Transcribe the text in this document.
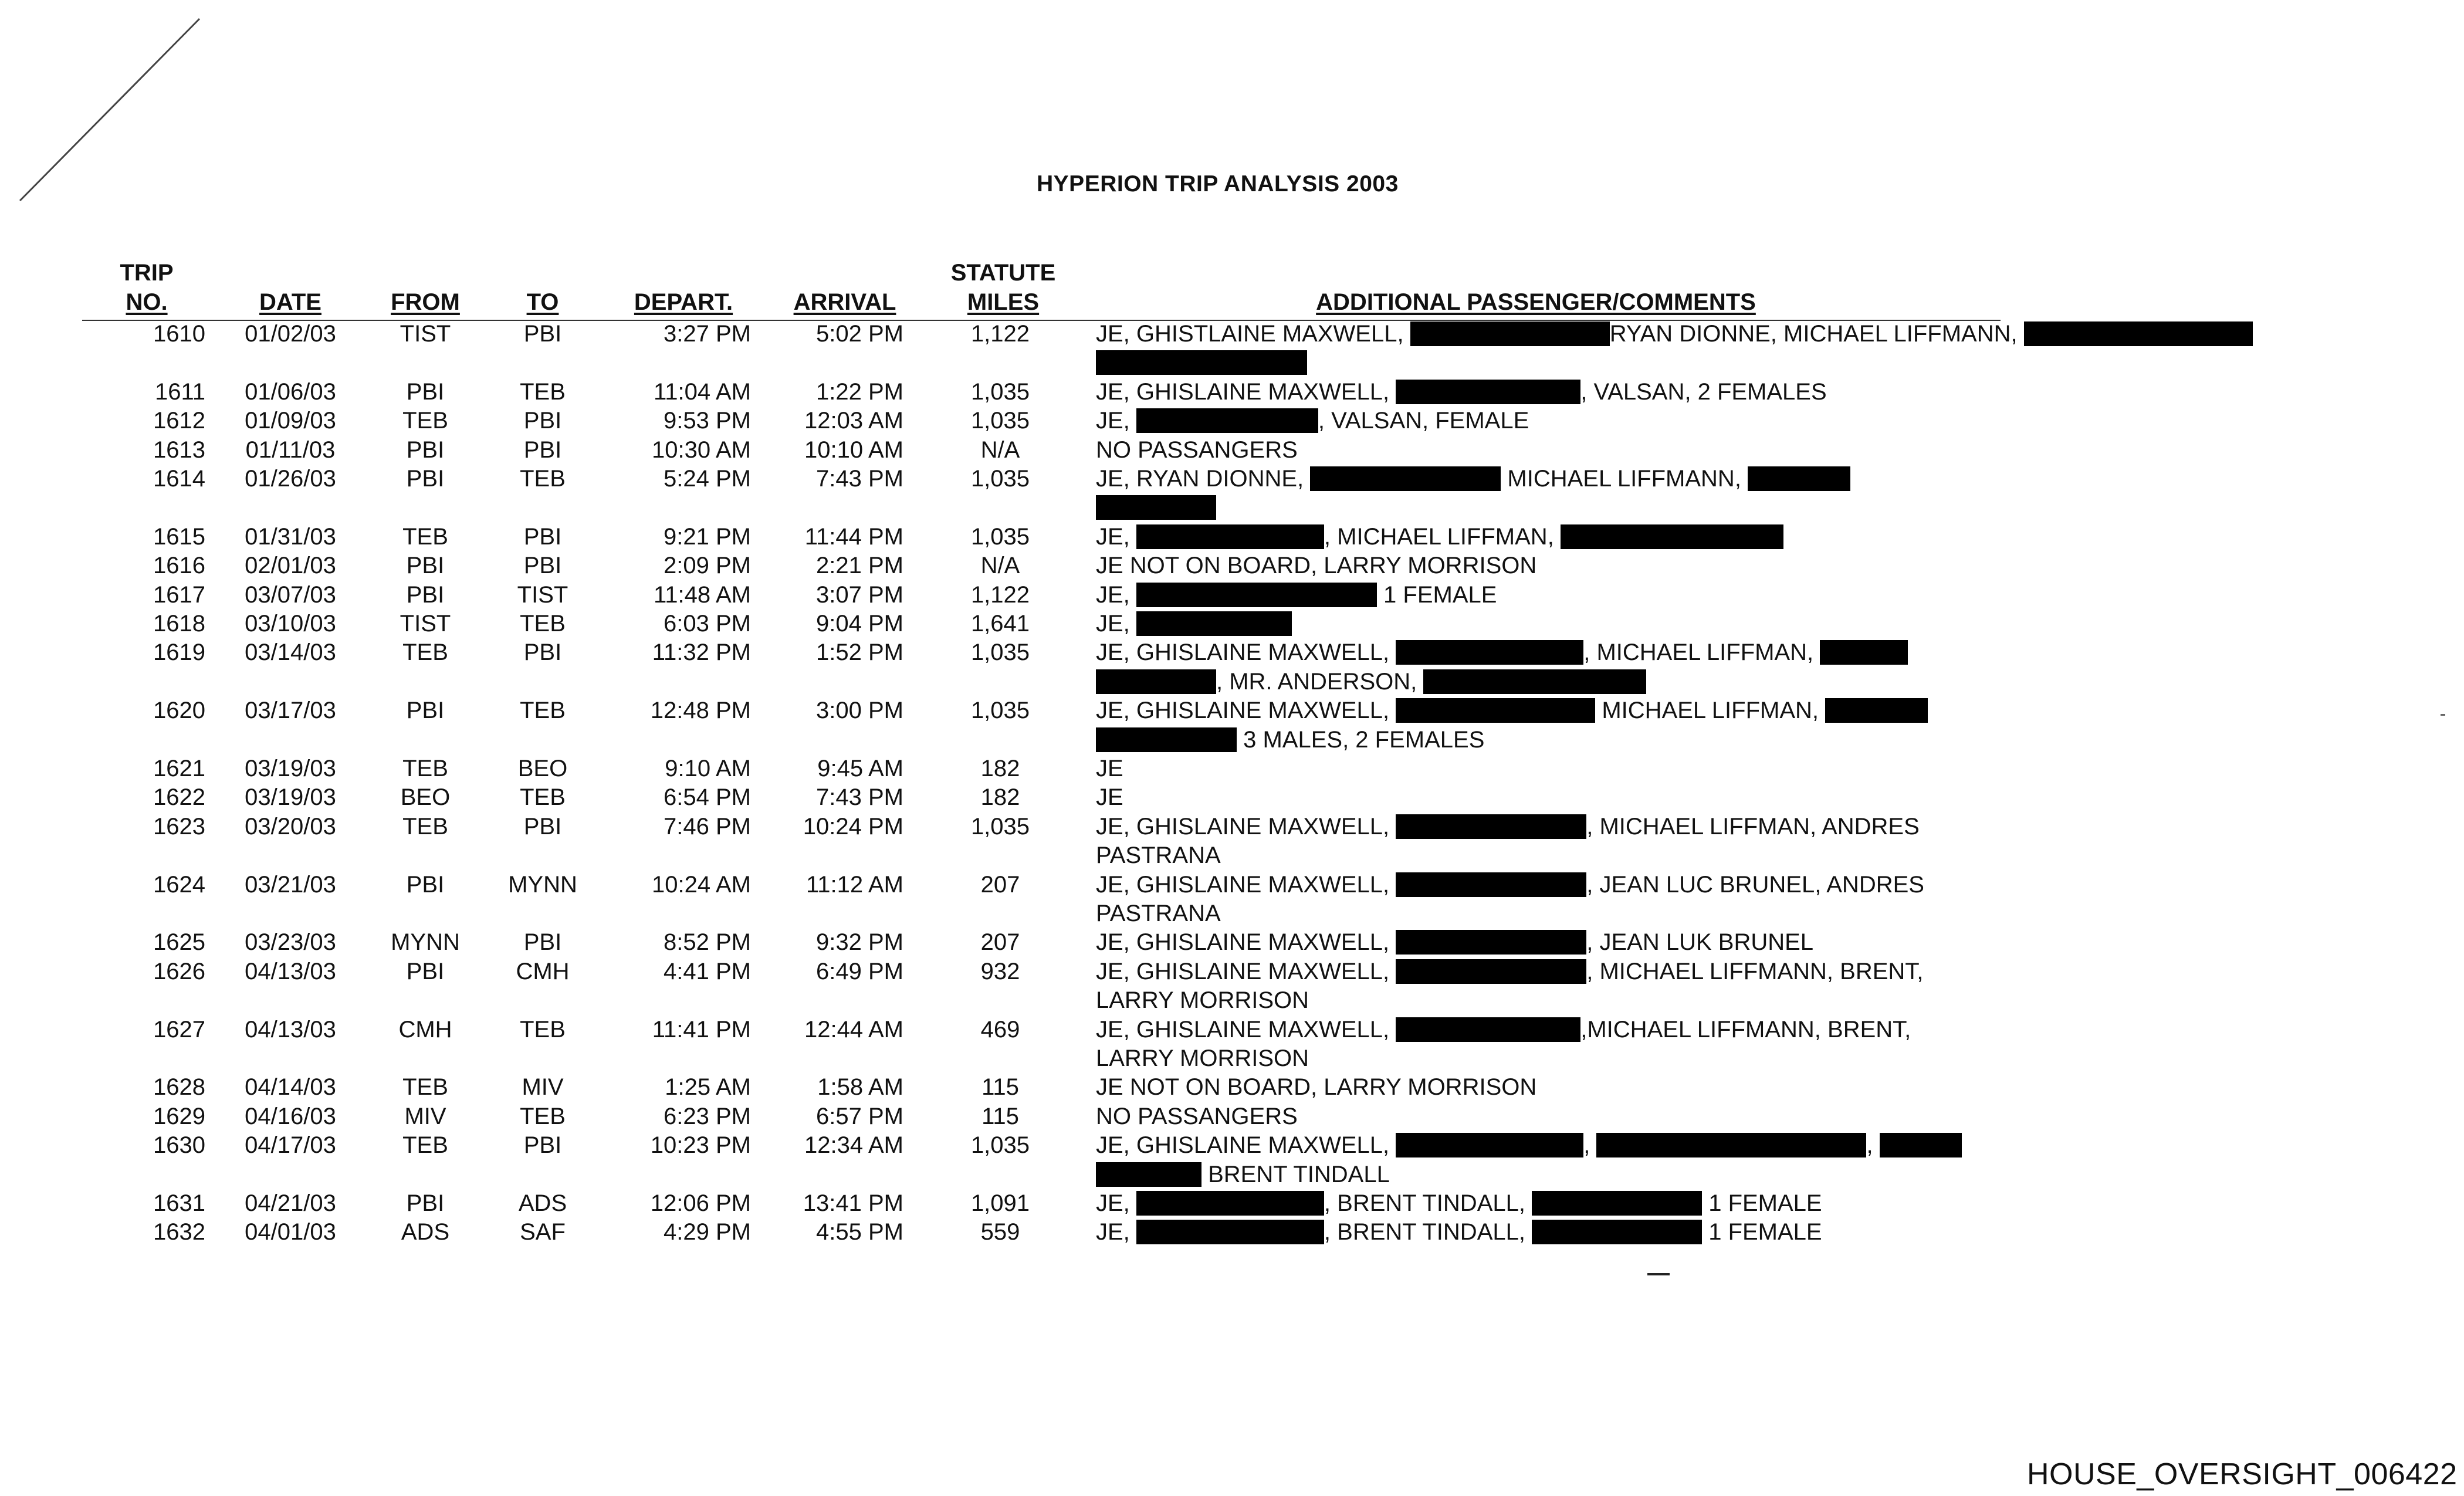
HYPERION TRIP ANALYSIS 2003
TRIP
NO.	DATE	FROM	TO	DEPART.	ARRIVAL
STATUTE
MILES	ADDITIONAL PASSENGER/COMMENTS
1610	01/02/03	TIST	PBI	3:27 PM	5:02 PM	1,122	JE, GHISTLAINE MAXWELL,	RYAN DIONNE, MICHAEL LIFFMANN,
1611	01/06/03	PBI	TEB	11:04 AM	1:22 PM	1,035	JE, GHISLAINE MAXWELL,	, VALSAN, 2 FEMALES
1612	01/09/03	TEB	PBI	9:53 PM	12:03 AM	1,035	JE,	, VALSAN, FEMALE
1613	01/11/03	PBI	PBI	10:30 AM	10:10 AM	N/A	NO PASSANGERS
1614	01/26/03	PBI	TEB	5:24 PM	7:43 PM	1,035	JE, RYAN DIONNE,	MICHAEL LIFFMANN,
1615	01/31/03	TEB	PBI	9:21 PM	11:44 PM	1,035	JE,	, MICHAEL LIFFMAN,
1616	02/01/03	PBI	PBI	2:09 PM	2:21 PM	N/A	JE NOT ON BOARD, LARRY MORRISON
1617	03/07/03	PBI	TIST	11:48 AM	3:07 PM	1,122	JE,	1 FEMALE
1618	03/10/03	TIST	TEB	6:03 PM	9:04 PM	1,641	JE,
1619	03/14/03	TEB	PBI	11:32 PM	1:52 PM	1,035	JE, GHISLAINE MAXWELL,	, MICHAEL LIFFMAN,
, MR. ANDERSON,
1620	03/17/03	PBI	TEB	12:48 PM	3:00 PM	1,035	JE, GHISLAINE MAXWELL,	MICHAEL LIFFMAN,
3 MALES, 2 FEMALES
1621	03/19/03	TEB	BEO	9:10 AM	9:45 AM	182	JE
1622	03/19/03	BEO	TEB	6:54 PM	7:43 PM	182	JE
1623	03/20/03	TEB	PBI	7:46 PM	10:24 PM	1,035	JE, GHISLAINE MAXWELL,	, MICHAEL LIFFMAN, ANDRES
PASTRANA
1624	03/21/03	PBI	MYNN	10:24 AM	11:12 AM	207	JE, GHISLAINE MAXWELL,	, JEAN LUC BRUNEL, ANDRES
PASTRANA
1625	03/23/03	MYNN	PBI	8:52 PM	9:32 PM	207	JE, GHISLAINE MAXWELL,	, JEAN LUK BRUNEL
1626	04/13/03	PBI	CMH	4:41 PM	6:49 PM	932	JE, GHISLAINE MAXWELL,	, MICHAEL LIFFMANN, BRENT,
LARRY MORRISON
1627	04/13/03	CMH	TEB	11:41 PM	12:44 AM	469	JE, GHISLAINE MAXWELL,	,MICHAEL LIFFMANN, BRENT,
LARRY MORRISON
1628	04/14/03	TEB	MIV	1:25 AM	1:58 AM	115	JE NOT ON BOARD, LARRY MORRISON
1629	04/16/03	MIV	TEB	6:23 PM	6:57 PM	115	NO PASSANGERS
1630	04/17/03	TEB	PBI	10:23 PM	12:34 AM	1,035	JE, GHISLAINE MAXWELL,	,	,
BRENT TINDALL
1631	04/21/03	PBI	ADS	12:06 PM	13:41 PM	1,091	JE,	, BRENT TINDALL,	1 FEMALE
1632	04/01/03	ADS	SAF	4:29 PM	4:55 PM	559	JE,	, BRENT TINDALL,	1 FEMALE
HOUSE_OVERSIGHT_006422
